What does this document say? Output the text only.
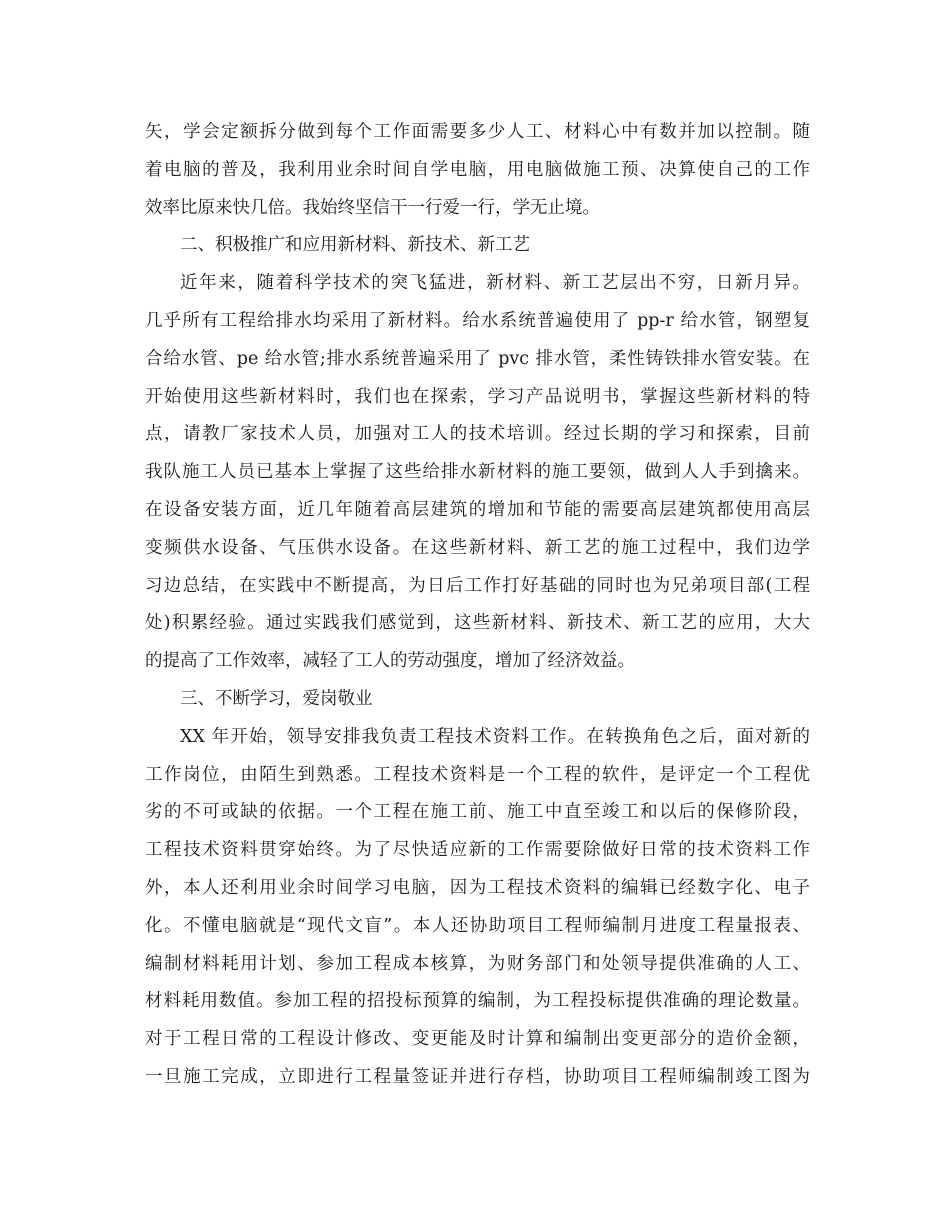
矢，学会定额拆分做到每个工作面需要多少人工、材料心中有数并加以控制。随
着电脑的普及，我利用业余时间自学电脑，用电脑做施工预、决算使自己的工作
效率比原来快几倍。我始终坚信干一行爱一行，学无止境。
二、积极推广和应用新材料、新技术、新工艺
近年来，随着科学技术的突飞猛进，新材料、新工艺层出不穷，日新月异。
几乎所有工程给排水均采用了新材料。给水系统普遍使用了 pp-r 给水管，钢塑复
合给水管、pe 给水管;排水系统普遍采用了 pvc 排水管，柔性铸铁排水管安装。在
开始使用这些新材料时，我们也在探索，学习产品说明书，掌握这些新材料的特
点，请教厂家技术人员，加强对工人的技术培训。经过长期的学习和探索，目前
我队施工人员已基本上掌握了这些给排水新材料的施工要领，做到人人手到擒来。
在设备安装方面，近几年随着高层建筑的增加和节能的需要高层建筑都使用高层
变频供水设备、气压供水设备。在这些新材料、新工艺的施工过程中，我们边学
习边总结，在实践中不断提高，为日后工作打好基础的同时也为兄弟项目部(工程
处)积累经验。通过实践我们感觉到，这些新材料、新技术、新工艺的应用，大大
的提高了工作效率，减轻了工人的劳动强度，增加了经济效益。
三、不断学习，爱岗敬业
XX 年开始，领导安排我负责工程技术资料工作。在转换角色之后，面对新的
工作岗位，由陌生到熟悉。工程技术资料是一个工程的软件，是评定一个工程优
劣的不可或缺的依据。一个工程在施工前、施工中直至竣工和以后的保修阶段，
工程技术资料贯穿始终。为了尽快适应新的工作需要除做好日常的技术资料工作
外，本人还利用业余时间学习电脑，因为工程技术资料的编辑已经数字化、电子
化。不懂电脑就是“现代文盲”。本人还协助项目工程师编制月进度工程量报表、
编制材料耗用计划、参加工程成本核算，为财务部门和处领导提供准确的人工、
材料耗用数值。参加工程的招投标预算的编制，为工程投标提供准确的理论数量。
对于工程日常的工程设计修改、变更能及时计算和编制出变更部分的造价金额，
一旦施工完成，立即进行工程量签证并进行存档，协助项目工程师编制竣工图为
